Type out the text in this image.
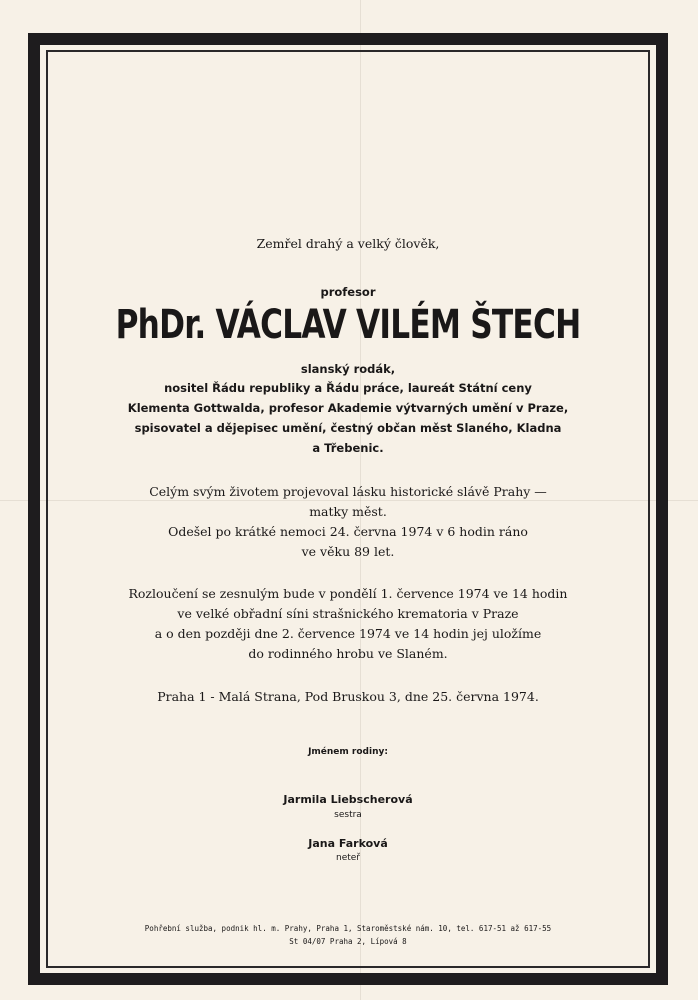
Zemřel drahý a velký člověk,
profesor
PhDr. VÁCLAV VILÉM ŠTECH
slanský rodák,
nositel Řádu republiky a Řádu práce, laureát Státní ceny
Klementa Gottwalda, profesor Akademie výtvarných umění v Praze,
spisovatel a dějepisec umění, čestný občan měst Slaného, Kladna
a Třebenic.
Celým svým životem projevoval lásku historické slávě Prahy —
matky měst.
Odešel po krátké nemoci 24. června 1974 v 6 hodin ráno
ve věku 89 let.
Rozloučení se zesnulým bude v pondělí 1. července 1974 ve 14 hodin
ve velké obřadní síni strašnického krematoria v Praze
a o den později dne 2. července 1974 ve 14 hodin jej uložíme
do rodinného hrobu ve Slaném.
Praha 1 - Malá Strana, Pod Bruskou 3, dne 25. června 1974.
Jménem rodiny:
Jarmila Liebscherová
sestra
Jana Farková
neteř
Pohřební služba, podnik hl. m. Prahy, Praha 1, Staroměstské nám. 10, tel. 617-51 až 617-55
St 04/07 Praha 2, Lípová 8
